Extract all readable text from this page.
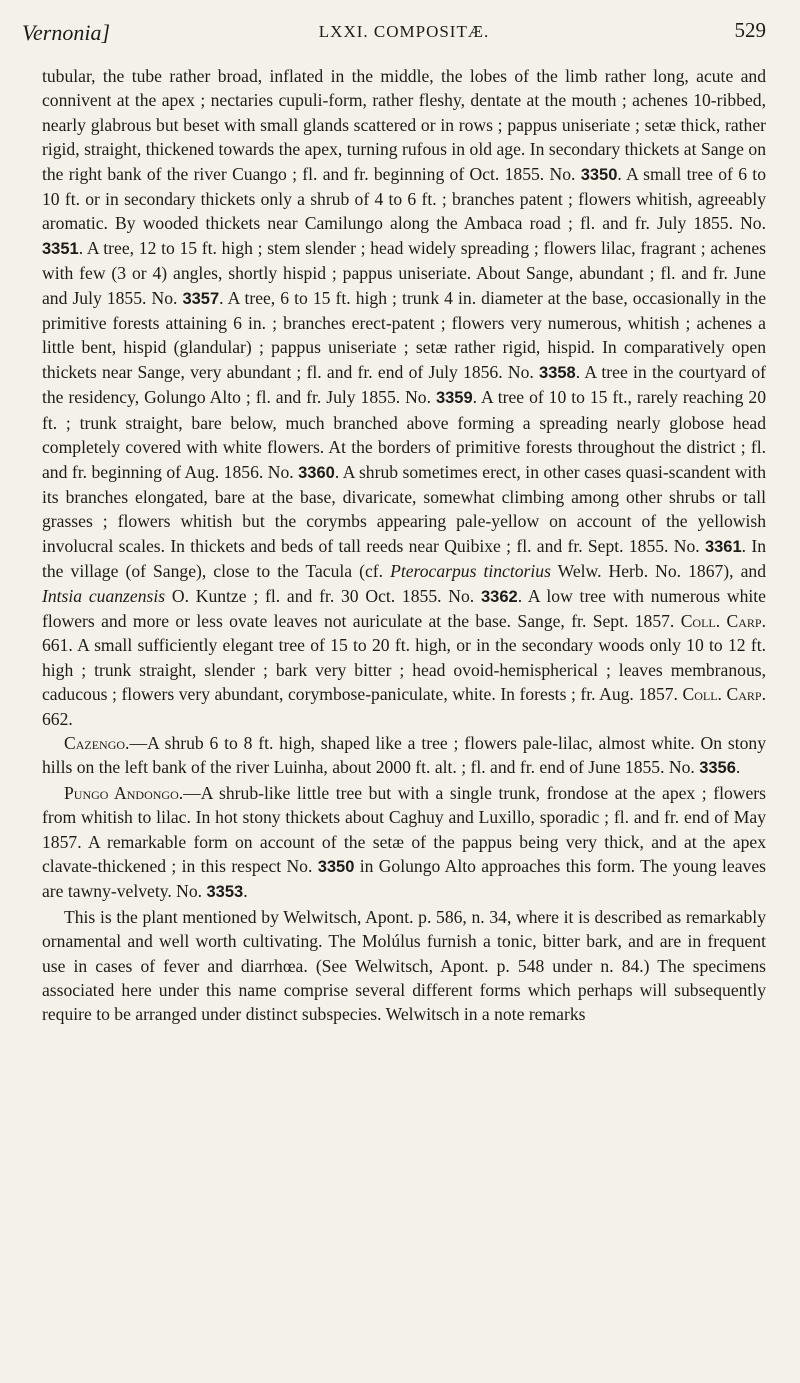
Vernonia]	LXXI. COMPOSITÆ.	529

tubular, the tube rather broad, inflated in the middle, the lobes of the limb rather long, acute and connivent at the apex ; nectaries cupuli-form, rather fleshy, dentate at the mouth ; achenes 10-ribbed, nearly glabrous but beset with small glands scattered or in rows ; pappus uniseriate ; setæ thick, rather rigid, straight, thickened towards the apex, turning rufous in old age. In secondary thickets at Sange on the right bank of the river Cuango ; fl. and fr. beginning of Oct. 1855. No. 3350. A small tree of 6 to 10 ft. or in secondary thickets only a shrub of 4 to 6 ft. ; branches patent ; flowers whitish, agreeably aromatic. By wooded thickets near Camilungo along the Ambaca road ; fl. and fr. July 1855. No. 3351. A tree, 12 to 15 ft. high ; stem slender ; head widely spreading ; flowers lilac, fragrant ; achenes with few (3 or 4) angles, shortly hispid ; pappus uniseriate. About Sange, abundant ; fl. and fr. June and July 1855. No. 3357. A tree, 6 to 15 ft. high ; trunk 4 in. diameter at the base, occasionally in the primitive forests attaining 6 in. ; branches erect-patent ; flowers very numerous, whitish ; achenes a little bent, hispid (glandular) ; pappus uniseriate ; setæ rather rigid, hispid. In comparatively open thickets near Sange, very abundant ; fl. and fr. end of July 1856. No. 3358. A tree in the courtyard of the residency, Golungo Alto ; fl. and fr. July 1855. No. 3359. A tree of 10 to 15 ft., rarely reaching 20 ft. ; trunk straight, bare below, much branched above forming a spreading nearly globose head completely covered with white flowers. At the borders of primitive forests throughout the district ; fl. and fr. beginning of Aug. 1856. No. 3360. A shrub sometimes erect, in other cases quasi-scandent with its branches elongated, bare at the base, divaricate, somewhat climbing among other shrubs or tall grasses ; flowers whitish but the corymbs appearing pale-yellow on account of the yellowish involucral scales. In thickets and beds of tall reeds near Quibixe ; fl. and fr. Sept. 1855. No. 3361. In the village (of Sange), close to the Tacula (cf. Pterocarpus tinctorius Welw. Herb. No. 1867), and Intsia cuanzensis O. Kuntze ; fl. and fr. 30 Oct. 1855. No. 3362. A low tree with numerous white flowers and more or less ovate leaves not auriculate at the base. Sange, fr. Sept. 1857. Coll. Carp. 661. A small sufficiently elegant tree of 15 to 20 ft. high, or in the secondary woods only 10 to 12 ft. high ; trunk straight, slender ; bark very bitter ; head ovoid-hemispherical ; leaves membranous, caducous ; flowers very abundant, corymbose-paniculate, white. In forests ; fr. Aug. 1857. Coll. Carp. 662.

Cazengo.—A shrub 6 to 8 ft. high, shaped like a tree ; flowers pale-lilac, almost white. On stony hills on the left bank of the river Luinha, about 2000 ft. alt. ; fl. and fr. end of June 1855. No. 3356.

Pungo Andongo.—A shrub-like little tree but with a single trunk, frondose at the apex ; flowers from whitish to lilac. In hot stony thickets about Caghuy and Luxillo, sporadic ; fl. and fr. end of May 1857. A remarkable form on account of the setæ of the pappus being very thick, and at the apex clavate-thickened ; in this respect No. 3350 in Golungo Alto approaches this form. The young leaves are tawny-velvety. No. 3353.

This is the plant mentioned by Welwitsch, Apont. p. 586, n. 34, where it is described as remarkably ornamental and well worth cultivating. The Molúlus furnish a tonic, bitter bark, and are in frequent use in cases of fever and diarrhœa. (See Welwitsch, Apont. p. 548 under n. 84.) The specimens associated here under this name comprise several different forms which perhaps will subsequently require to be arranged under distinct subspecies. Welwitsch in a note remarks
